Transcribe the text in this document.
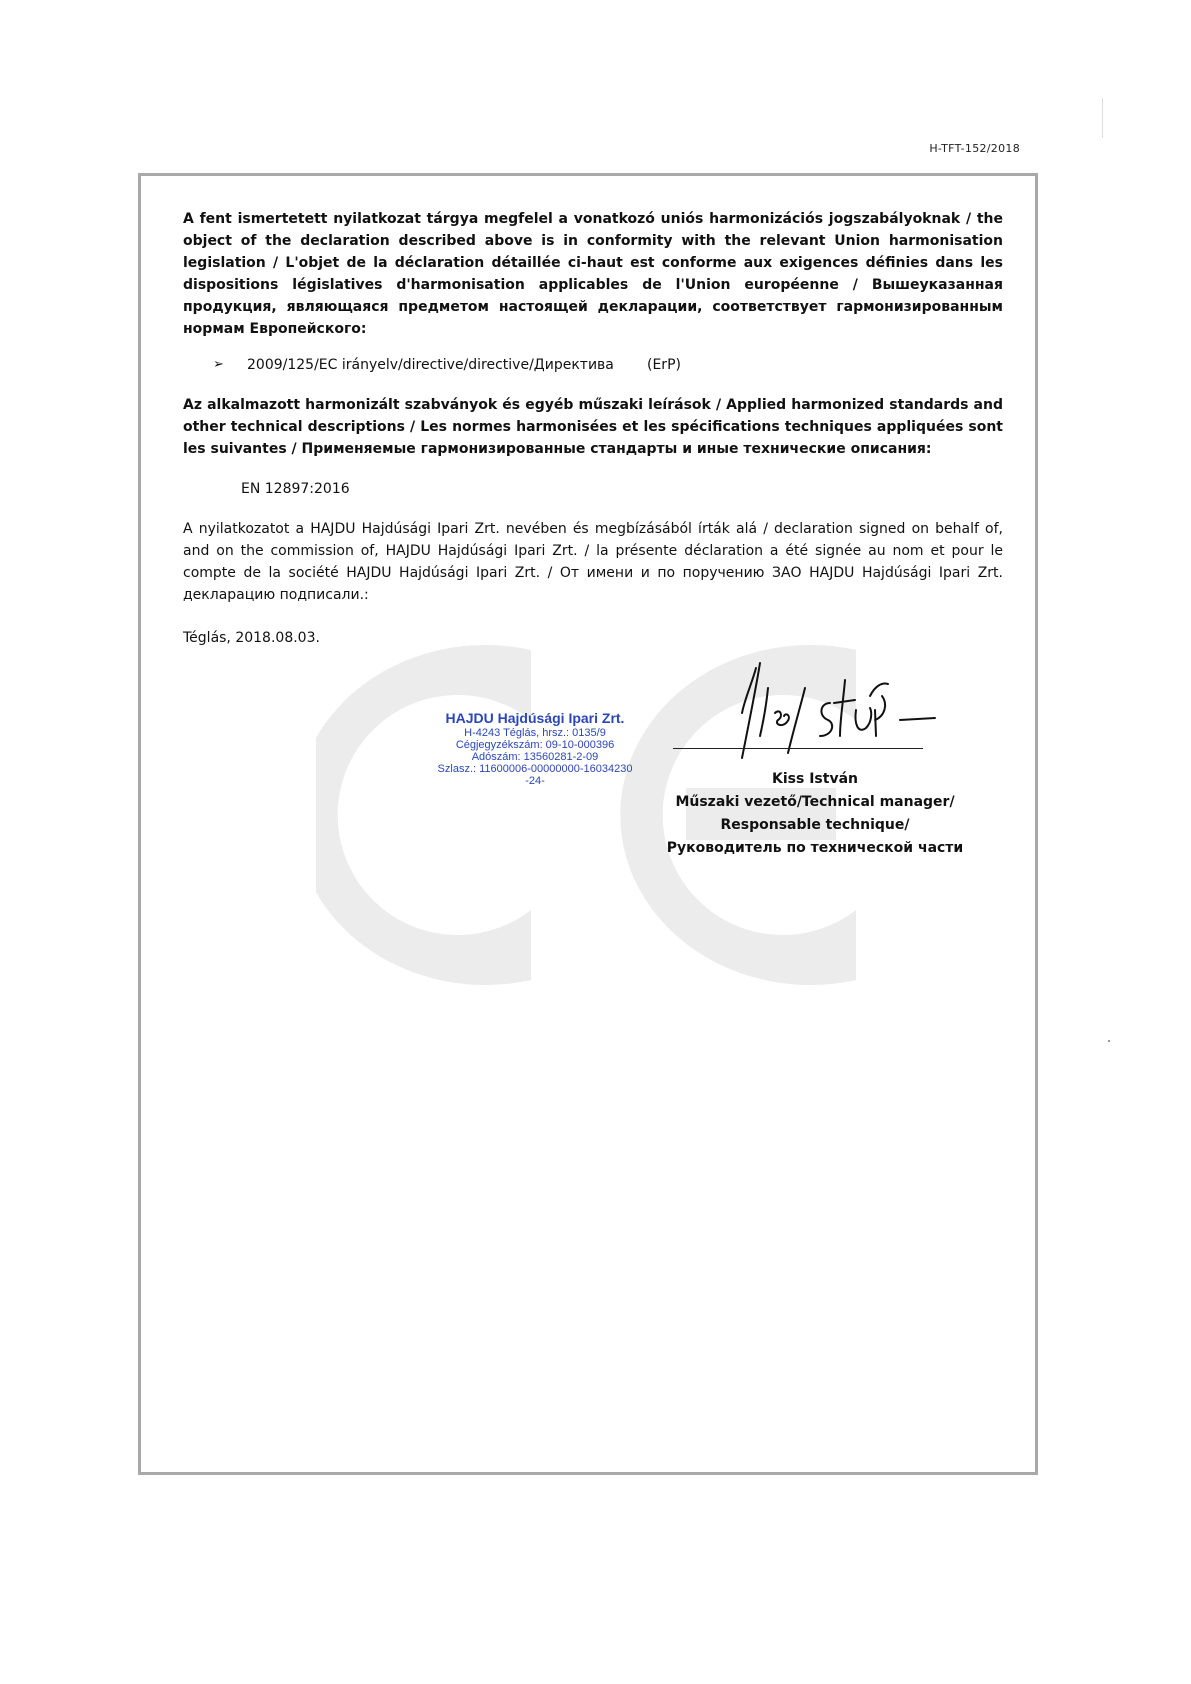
H-TFT-152/2018

A fent ismertetett nyilatkozat tárgya megfelel a vonatkozó uniós harmonizációs jogszabályoknak / the object of the declaration described above is in conformity with the relevant Union harmonisation legislation / L'objet de la déclaration détaillée ci-haut est conforme aux exigences définies dans les dispositions législatives d'harmonisation applicables de l'Union européenne / Вышеуказанная продукция, являющаяся предметом настоящей декларации, соответствует гармонизированным нормам Европейского:

➢	2009/125/EC irányelv/directive/directive/Директива	(ErP)

Az alkalmazott harmonizált szabványok és egyéb műszaki leírások / Applied harmonized standards and other technical descriptions / Les normes harmonisées et les spécifications techniques appliquées sont les suivantes / Применяемые гармонизированные стандарты и иные технические описания:

EN 12897:2016

A nyilatkozatot a HAJDU Hajdúsági Ipari Zrt. nevében és megbízásából írták alá / declaration signed on behalf of, and on the commission of, HAJDU Hajdúsági Ipari Zrt. / la présente déclaration a été signée au nom et pour le compte de la société HAJDU Hajdúsági Ipari Zrt. / От имени и по поручению ЗАО HAJDU Hajdúsági Ipari Zrt. декларацию подписали.:

Téglás, 2018.08.03.
HAJDU Hajdúsági Ipari Zrt.
H-4243 Téglás, hrsz.: 0135/9
Cégjegyzékszám: 09-10-000396
Adószám: 13560281-2-09
Szlasz.: 11600006-00000000-16034230
-24-	Kiss István
Műszaki vezető/Technical manager/
Responsable technique/
Руководитель по технической части
